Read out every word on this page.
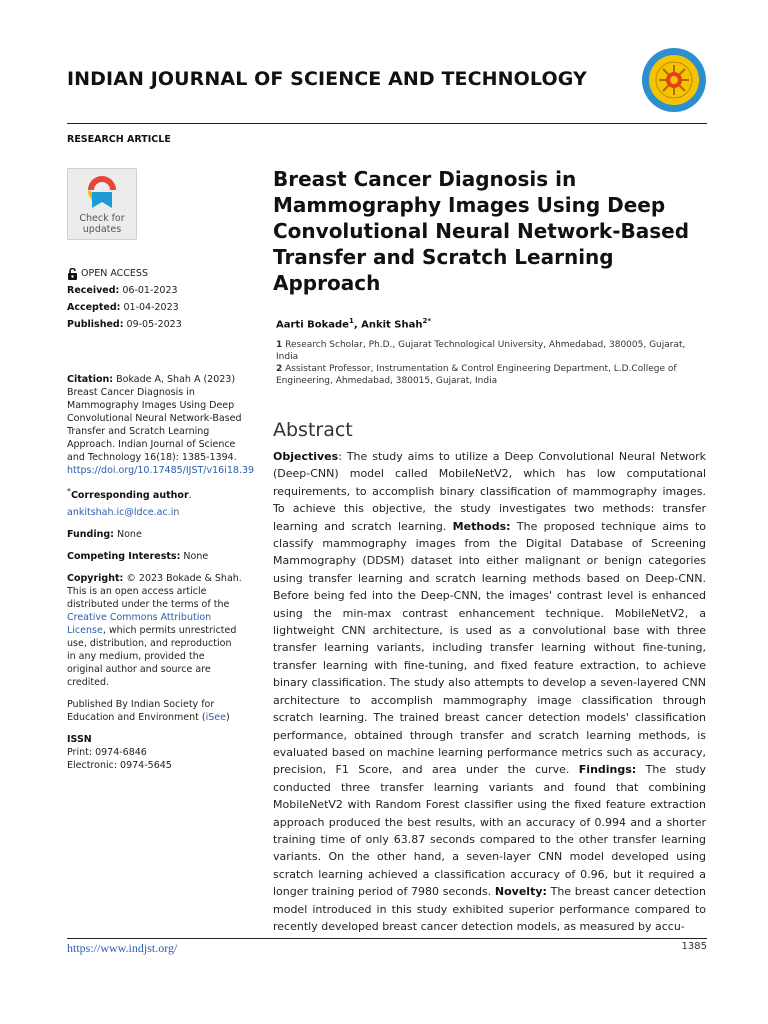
INDIAN JOURNAL OF SCIENCE AND TECHNOLOGY
RESEARCH ARTICLE
Check for
updates
OPEN ACCESS

Received: 06-01-2023

Accepted: 01-04-2023

Published: 09-05-2023

Citation: Bokade A, Shah A (2023) Breast Cancer Diagnosis in Mammography Images Using Deep Convolutional Neural Network-Based Transfer and Scratch Learning Approach. Indian Journal of Science and Technology 16(18): 1385-1394. https://doi.org/10.17485/IJST/v16i18.39

*Corresponding author.

ankitshah.ic@ldce.ac.in

Funding: None

Competing Interests: None

Copyright: © 2023 Bokade & Shah. This is an open access article distributed under the terms of the Creative Commons Attribution License, which permits unrestricted use, distribution, and reproduction in any medium, provided the original author and source are credited.

Published By Indian Society for Education and Environment (iSee)

ISSN

Print: 0974-6846

Electronic: 0974-5645

Breast Cancer Diagnosis in Mammography Images Using Deep Convolutional Neural Network-Based Transfer and Scratch Learning Approach
Aarti Bokade$^1$, Ankit Shah$^{2*}$

1 Research Scholar, Ph.D., Gujarat Technological University, Ahmedabad, 380005, Gujarat, India

2 Assistant Professor, Instrumentation & Control Engineering Department, L.D.College of Engineering, Ahmedabad, 380015, Gujarat, India

Abstract
Objectives: The study aims to utilize a Deep Convolutional Neural Network (Deep-CNN) model called MobileNetV2, which has low computational requirements, to accomplish binary classification of mammography images. To achieve this objective, the study investigates two methods: transfer learning and scratch learning. Methods: The proposed technique aims to classify mammography images from the Digital Database of Screening Mammography (DDSM) dataset into either malignant or benign categories using transfer learning and scratch learning methods based on Deep-CNN. Before being fed into the Deep-CNN, the images' contrast level is enhanced using the min-max contrast enhancement technique. MobileNetV2, a lightweight CNN architecture, is used as a convolutional base with three transfer learning variants, including transfer learning without fine-tuning, transfer learning with fine-tuning, and fixed feature extraction, to achieve binary classification. The study also attempts to develop a seven-layered CNN architecture to accomplish mammography image classification through scratch learning. The trained breast cancer detection models' classification performance, obtained through transfer and scratch learning methods, is evaluated based on machine learning performance metrics such as accuracy, precision, F1 Score, and area under the curve. Findings: The study conducted three transfer learning variants and found that combining MobileNetV2 with Random Forest classifier using the fixed feature extraction approach produced the best results, with an accuracy of 0.994 and a shorter training time of only 63.87 seconds compared to the other transfer learning variants. On the other hand, a seven-layer CNN model developed using scratch learning achieved a classification accuracy of 0.96, but it required a longer training period of 7980 seconds. Novelty: The breast cancer detection model introduced in this study exhibited superior performance compared to recently developed breast cancer detection models, as measured by accu-
https://www.indjst.org/	1385
